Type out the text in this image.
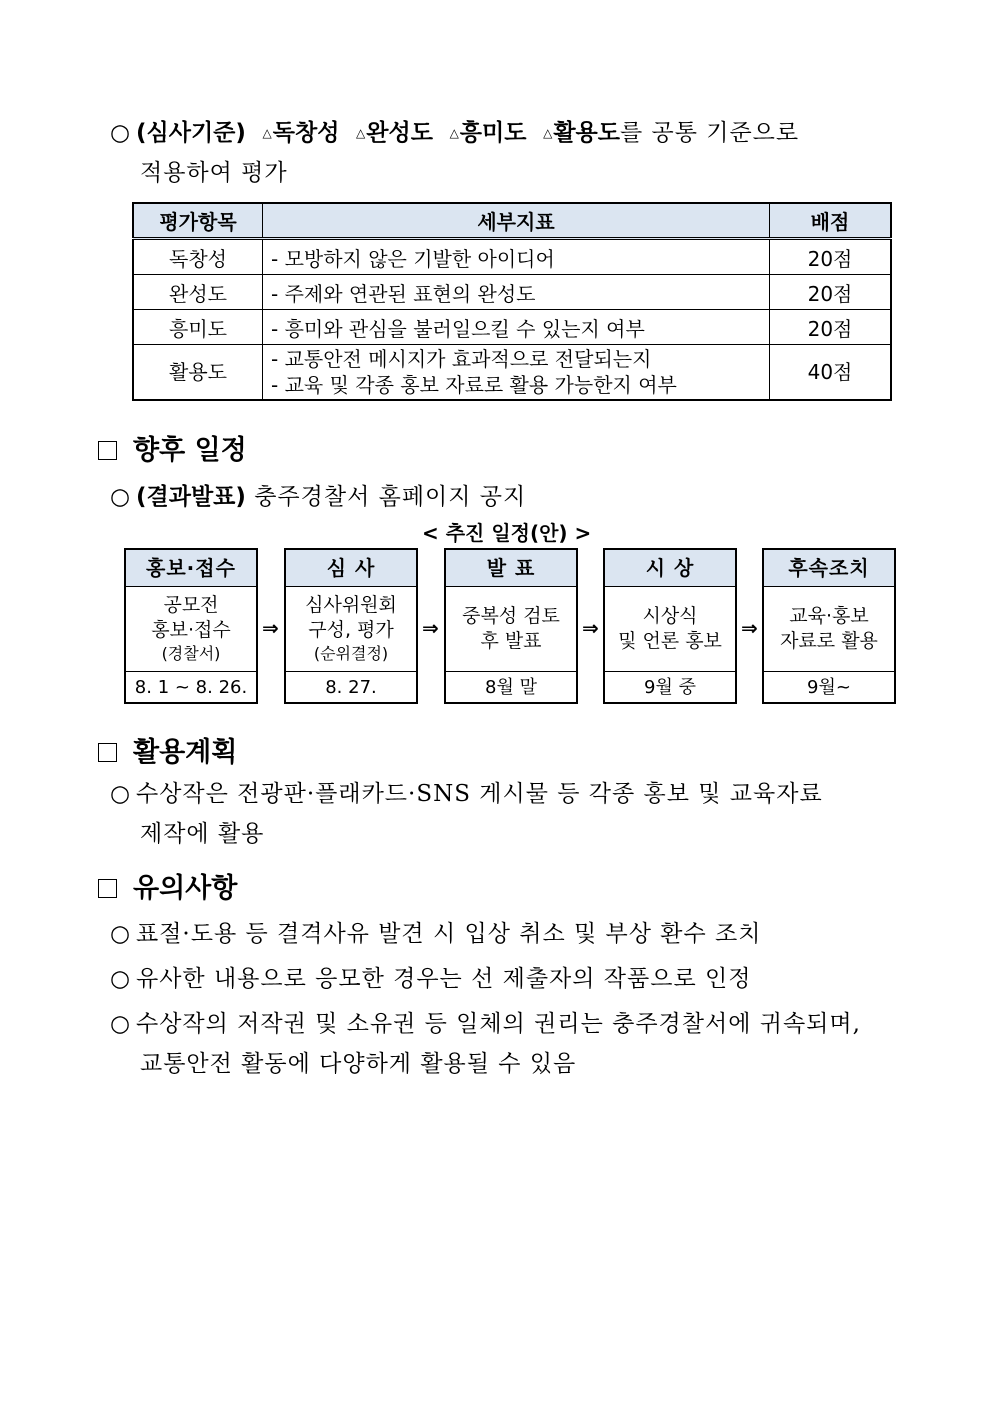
○ (심사기준) △독창성 △완성도 △흥미도 △활용도를 공통 기준으로
적용하여 평가
평가항목	세부지표	배점
독창성	- 모방하지 않은 기발한 아이디어	20점
완성도	- 주제와 연관된 표현의 완성도	20점
흥미도	- 흥미와 관심을 불러일으킬 수 있는지 여부	20점
활용도	- 교통안전 메시지가 효과적으로 전달되는지
- 교육 및 각종 홍보 자료로 활용 가능한지 여부	40점
향후 일정
○ (결과발표) 충주경찰서 홈페이지 공지
< 추진 일정(안) >
홍보·접수
공모전
홍보·접수
(경찰서)
8. 1 ~ 8. 26.
⇒
심 사
심사위원회
구성, 평가
(순위결정)
8. 27.
⇒
발 표
중복성 검토
후 발표
8월 말
⇒
시 상
시상식
및 언론 홍보
9월 중
⇒
후속조치
교육·홍보
자료로 활용
9월~
활용계획
○ 수상작은 전광판·플래카드·SNS 게시물 등 각종 홍보 및 교육자료
제작에 활용
유의사항
○ 표절·도용 등 결격사유 발견 시 입상 취소 및 부상 환수 조치
○ 유사한 내용으로 응모한 경우는 선 제출자의 작품으로 인정
○ 수상작의 저작권 및 소유권 등 일체의 권리는 충주경찰서에 귀속되며,
교통안전 활동에 다양하게 활용될 수 있음
